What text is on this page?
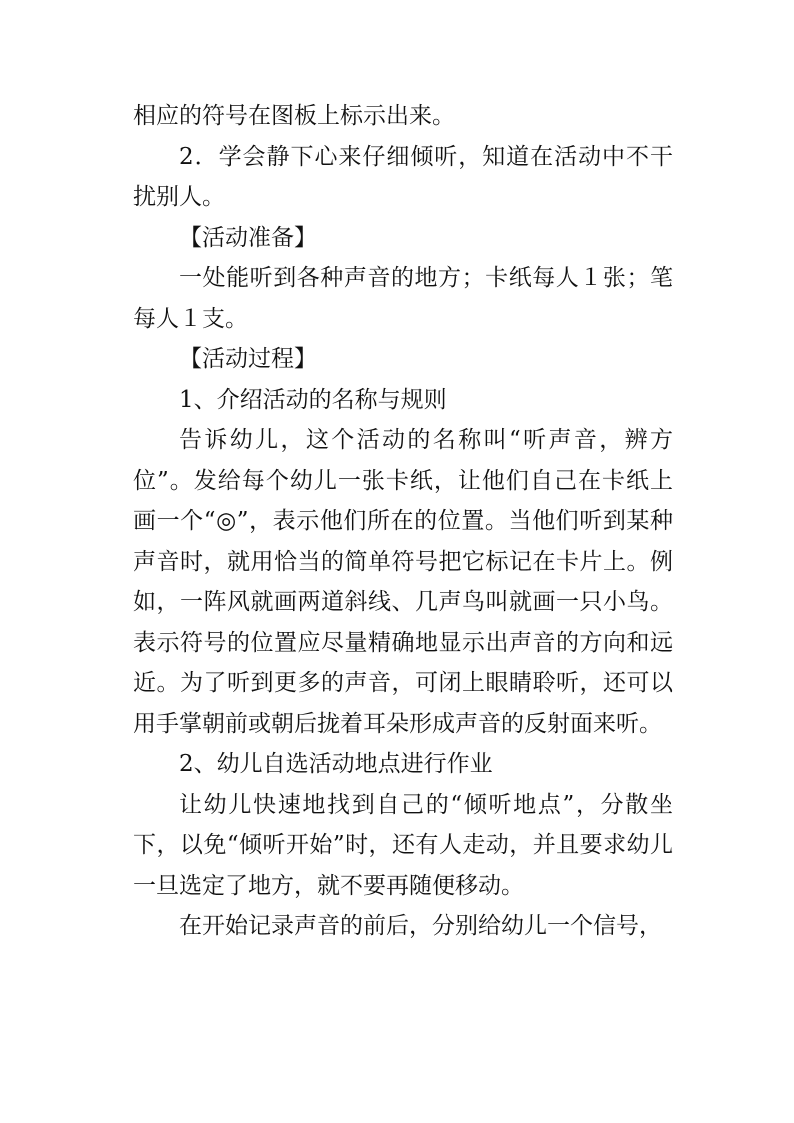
相应的符号在图板上标示出来。

2．学会静下心来仔细倾听，知道在活动中不干扰别人。

【活动准备】

一处能听到各种声音的地方；卡纸每人１张；笔每人１支。

【活动过程】

1、介绍活动的名称与规则

告诉幼儿，这个活动的名称叫“听声音，辨方位”。发给每个幼儿一张卡纸，让他们自己在卡纸上画一个“◎”，表示他们所在的位置。当他们听到某种声音时，就用恰当的简单符号把它标记在卡片上。例如，一阵风就画两道斜线、几声鸟叫就画一只小鸟。表示符号的位置应尽量精确地显示出声音的方向和远近。为了听到更多的声音，可闭上眼睛聆听，还可以用手掌朝前或朝后拢着耳朵形成声音的反射面来听。

2、幼儿自选活动地点进行作业

让幼儿快速地找到自己的“倾听地点”，分散坐下，以免“倾听开始”时，还有人走动，并且要求幼儿一旦选定了地方，就不要再随便移动。

在开始记录声音的前后，分别给幼儿一个信号，
